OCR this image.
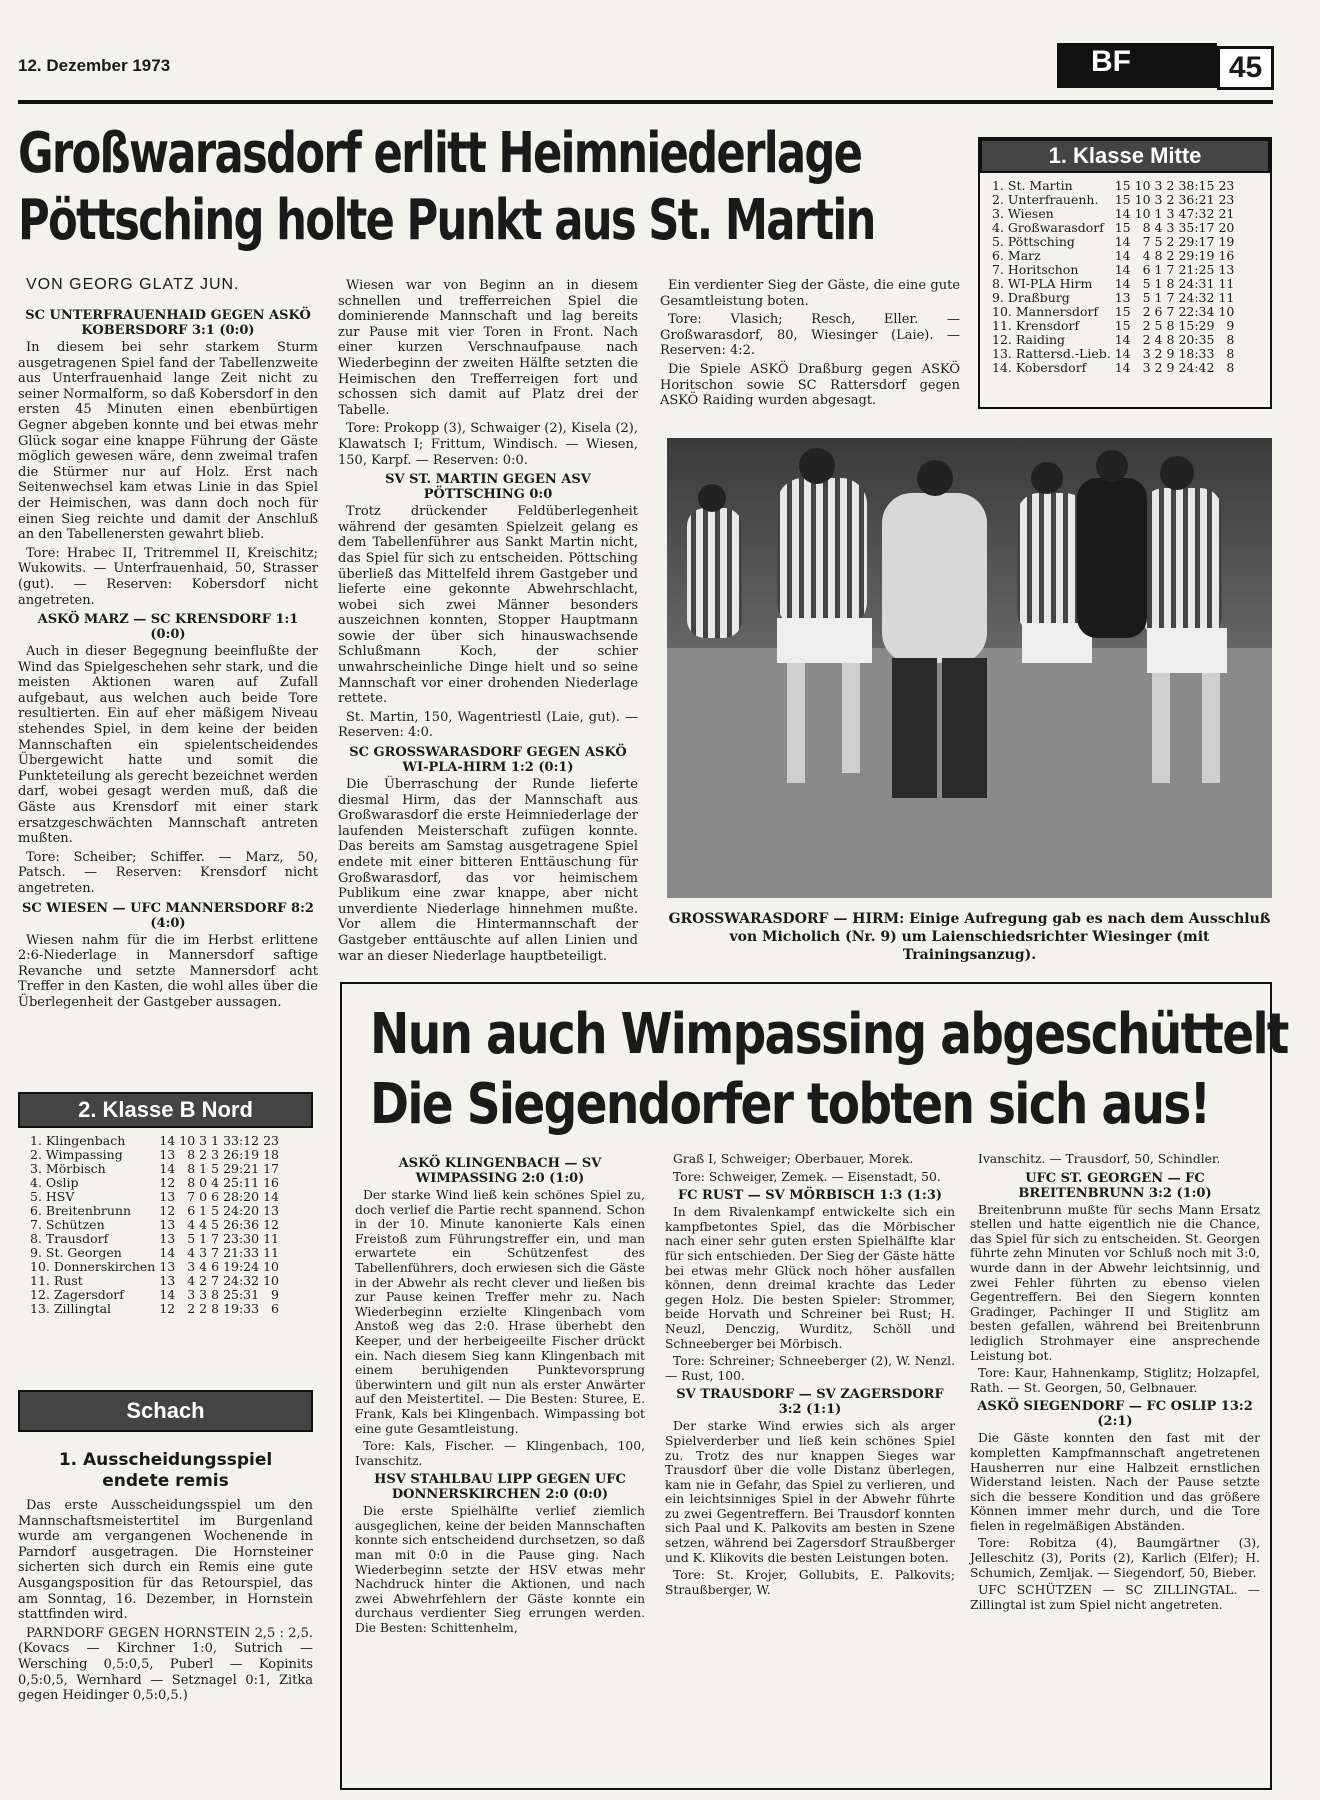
12. Dezember 1973	BF	45
Großwarasdorf erlitt Heimniederlage
Pöttsching holte Punkt aus St. Martin
VON GEORG GLATZ JUN.
SC UNTERFRAUENHAID GEGEN ASKÖ KOBERSDORF 3:1 (0:0)

In diesem bei sehr starkem Sturm ausgetragenen Spiel fand der Tabellenzweite aus Unterfrauenhaid lange Zeit nicht zu seiner Normalform, so daß Kobersdorf in den ersten 45 Minuten einen ebenbürtigen Gegner abgeben konnte und bei etwas mehr Glück sogar eine knappe Führung der Gäste möglich gewesen wäre, denn zweimal trafen die Stürmer nur auf Holz. Erst nach Seitenwechsel kam etwas Linie in das Spiel der Heimischen, was dann doch noch für einen Sieg reichte und damit der Anschluß an den Tabellenersten gewahrt blieb.

Tore: Hrabec II, Tritremmel II, Kreischitz; Wukowits. — Unterfrauenhaid, 50, Strasser (gut). — Reserven: Kobersdorf nicht angetreten.

ASKÖ MARZ — SC KRENSDORF 1:1 (0:0)

Auch in dieser Begegnung beeinflußte der Wind das Spielgeschehen sehr stark, und die meisten Aktionen waren auf Zufall aufgebaut, aus welchen auch beide Tore resultierten. Ein auf eher mäßigem Niveau stehendes Spiel, in dem keine der beiden Mannschaften ein spielentscheidendes Übergewicht hatte und somit die Punkteteilung als gerecht bezeichnet werden darf, wobei gesagt werden muß, daß die Gäste aus Krensdorf mit einer stark ersatzgeschwächten Mannschaft antreten mußten.

Tore: Scheiber; Schiffer. — Marz, 50, Patsch. — Reserven: Krensdorf nicht angetreten.

SC WIESEN — UFC MANNERSDORF 8:2 (4:0)

Wiesen nahm für die im Herbst erlittene 2:6-Niederlage in Mannersdorf saftige Revanche und setzte Mannersdorf acht Treffer in den Kasten, die wohl alles über die Überlegenheit der Gastgeber aussagen.

Wiesen war von Beginn an in diesem schnellen und trefferreichen Spiel die dominierende Mannschaft und lag bereits zur Pause mit vier Toren in Front. Nach einer kurzen Verschnaufpause nach Wiederbeginn der zweiten Hälfte setzten die Heimischen den Trefferreigen fort und schossen sich damit auf Platz drei der Tabelle.

Tore: Prokopp (3), Schwaiger (2), Kisela (2), Klawatsch I; Frittum, Windisch. — Wiesen, 150, Karpf. — Reserven: 0:0.

SV ST. MARTIN GEGEN ASV PÖTTSCHING 0:0

Trotz drückender Feldüberlegenheit während der gesamten Spielzeit gelang es dem Tabellenführer aus Sankt Martin nicht, das Spiel für sich zu entscheiden. Pöttsching überließ das Mittelfeld ihrem Gastgeber und lieferte eine gekonnte Abwehrschlacht, wobei sich zwei Männer besonders auszeichnen konnten, Stopper Hauptmann sowie der über sich hinauswachsende Schlußmann Koch, der schier unwahrscheinliche Dinge hielt und so seine Mannschaft vor einer drohenden Niederlage rettete.

St. Martin, 150, Wagentriestl (Laie, gut). — Reserven: 4:0.

SC GROSSWARASDORF GEGEN ASKÖ WI-PLA-HIRM 1:2 (0:1)

Die Überraschung der Runde lieferte diesmal Hirm, das der Mannschaft aus Großwarasdorf die erste Heimniederlage der laufenden Meisterschaft zufügen konnte. Das bereits am Samstag ausgetragene Spiel endete mit einer bitteren Enttäuschung für Großwarasdorf, das vor heimischem Publikum eine zwar knappe, aber nicht unverdiente Niederlage hinnehmen mußte. Vor allem die Hintermannschaft der Gastgeber enttäuschte auf allen Linien und war an dieser Niederlage hauptbeteiligt.

Ein verdienter Sieg der Gäste, die eine gute Gesamtleistung boten.

Tore: Vlasich; Resch, Eller. — Großwarasdorf, 80, Wiesinger (Laie). — Reserven: 4:2.

Die Spiele ASKÖ Draßburg gegen ASKÖ Horitschon sowie SC Rattersdorf gegen ASKÖ Raiding wurden abgesagt.

1. Klasse Mitte
1. St. Martin	15	10	3	2	38:15	23
2. Unterfrauenh.	15	10	3	2	36:21	23
3. Wiesen	14	10	1	3	47:32	21
4. Großwarasdorf	15	8	4	3	35:17	20
5. Pöttsching	14	7	5	2	29:17	19
6. Marz	14	4	8	2	29:19	16
7. Horitschon	14	6	1	7	21:25	13
8. WI-PLA Hirm	14	5	1	8	24:31	11
9. Draßburg	13	5	1	7	24:32	11
10. Mannersdorf	15	2	6	7	22:34	10
11. Krensdorf	15	2	5	8	15:29	9
12. Raiding	14	2	4	8	20:35	8
13. Rattersd.-Lieb.	14	3	2	9	18:33	8
14. Kobersdorf	14	3	2	9	24:42	8
GROSSWARASDORF — HIRM: Einige Aufregung gab es nach dem Ausschluß von Micholich (Nr. 9) um Laienschiedsrichter Wiesinger (mit Trainingsanzug).
2. Klasse B Nord
1. Klingenbach	14	10	3	1	33:12	23
2. Wimpassing	13	8	2	3	26:19	18
3. Mörbisch	14	8	1	5	29:21	17
4. Oslip	12	8	0	4	25:11	16
5. HSV	13	7	0	6	28:20	14
6. Breitenbrunn	12	6	1	5	24:20	13
7. Schützen	13	4	4	5	26:36	12
8. Trausdorf	13	5	1	7	23:30	11
9. St. Georgen	14	4	3	7	21:33	11
10. Donnerskirchen	13	3	4	6	19:24	10
11. Rust	13	4	2	7	24:32	10
12. Zagersdorf	14	3	3	8	25:31	9
13. Zillingtal	12	2	2	8	19:33	6
Schach
1. Ausscheidungsspiel endete remis

Das erste Ausscheidungsspiel um den Mannschaftsmeistertitel im Burgenland wurde am vergangenen Wochenende in Parndorf ausgetragen. Die Hornsteiner sicherten sich durch ein Remis eine gute Ausgangsposition für das Retourspiel, das am Sonntag, 16. Dezember, in Hornstein stattfinden wird.

PARNDORF GEGEN HORNSTEIN 2,5 : 2,5. (Kovacs — Kirchner 1:0, Sutrich — Wersching 0,5:0,5, Puberl — Kopinits 0,5:0,5, Wernhard — Setznagel 0:1, Zitka gegen Heidinger 0,5:0,5.)

Nun auch Wimpassing abgeschüttelt
Die Siegendorfer tobten sich aus!
ASKÖ KLINGENBACH — SV WIMPASSING 2:0 (1:0)

Der starke Wind ließ kein schönes Spiel zu, doch verlief die Partie recht spannend. Schon in der 10. Minute kanonierte Kals einen Freistoß zum Führungstreffer ein, und man erwartete ein Schützenfest des Tabellenführers, doch erwiesen sich die Gäste in der Abwehr als recht clever und ließen bis zur Pause keinen Treffer mehr zu. Nach Wiederbeginn erzielte Klingenbach vom Anstoß weg das 2:0. Hrase überhebt den Keeper, und der herbeigeeilte Fischer drückt ein. Nach diesem Sieg kann Klingenbach mit einem beruhigenden Punktevorsprung überwintern und gilt nun als erster Anwärter auf den Meistertitel. — Die Besten: Sturee, E. Frank, Kals bei Klingenbach. Wimpassing bot eine gute Gesamtleistung.

Tore: Kals, Fischer. — Klingenbach, 100, Ivanschitz.

HSV STAHLBAU LIPP GEGEN UFC DONNERSKIRCHEN 2:0 (0:0)

Die erste Spielhälfte verlief ziemlich ausgeglichen, keine der beiden Mannschaften konnte sich entscheidend durchsetzen, so daß man mit 0:0 in die Pause ging. Nach Wiederbeginn setzte der HSV etwas mehr Nachdruck hinter die Aktionen, und nach zwei Abwehrfehlern der Gäste konnte ein durchaus verdienter Sieg errungen werden. Die Besten: Schittenhelm,

Graß I, Schweiger; Oberbauer, Morek.

Tore: Schweiger, Zemek. — Eisenstadt, 50.

FC RUST — SV MÖRBISCH 1:3 (1:3)

In dem Rivalenkampf entwickelte sich ein kampfbetontes Spiel, das die Mörbischer nach einer sehr guten ersten Spielhälfte klar für sich entschieden. Der Sieg der Gäste hätte bei etwas mehr Glück noch höher ausfallen können, denn dreimal krachte das Leder gegen Holz. Die besten Spieler: Strommer, beide Horvath und Schreiner bei Rust; H. Neuzl, Denczig, Wurditz, Schöll und Schneeberger bei Mörbisch.

Tore: Schreiner; Schneeberger (2), W. Nenzl. — Rust, 100.

SV TRAUSDORF — SV ZAGERSDORF 3:2 (1:1)

Der starke Wind erwies sich als arger Spielverderber und ließ kein schönes Spiel zu. Trotz des nur knappen Sieges war Trausdorf über die volle Distanz überlegen, kam nie in Gefahr, das Spiel zu verlieren, und ein leichtsinniges Spiel in der Abwehr führte zu zwei Gegentreffern. Bei Trausdorf konnten sich Paal und K. Palkovits am besten in Szene setzen, während bei Zagersdorf Straußberger und K. Klikovits die besten Leistungen boten.

Tore: St. Krojer, Gollubits, E. Palkovits; Straußberger, W.

Ivanschitz. — Trausdorf, 50, Schindler.

UFC ST. GEORGEN — FC BREITENBRUNN 3:2 (1:0)

Breitenbrunn mußte für sechs Mann Ersatz stellen und hatte eigentlich nie die Chance, das Spiel für sich zu entscheiden. St. Georgen führte zehn Minuten vor Schluß noch mit 3:0, wurde dann in der Abwehr leichtsinnig, und zwei Fehler führten zu ebenso vielen Gegentreffern. Bei den Siegern konnten Gradinger, Pachinger II und Stiglitz am besten gefallen, während bei Breitenbrunn lediglich Strohmayer eine ansprechende Leistung bot.

Tore: Kaur, Hahnenkamp, Stiglitz; Holzapfel, Rath. — St. Georgen, 50, Gelbnauer.

ASKÖ SIEGENDORF — FC OSLIP 13:2 (2:1)

Die Gäste konnten den fast mit der kompletten Kampfmannschaft angetretenen Hausherren nur eine Halbzeit ernstlichen Widerstand leisten. Nach der Pause setzte sich die bessere Kondition und das größere Können immer mehr durch, und die Tore fielen in regelmäßigen Abständen.

Tore: Robitza (4), Baumgärtner (3), Jelleschitz (3), Porits (2), Karlich (Elfer); H. Schumich, Zemljak. — Siegendorf, 50, Bieber.

UFC SCHÜTZEN — SC ZILLINGTAL. — Zillingtal ist zum Spiel nicht angetreten.
